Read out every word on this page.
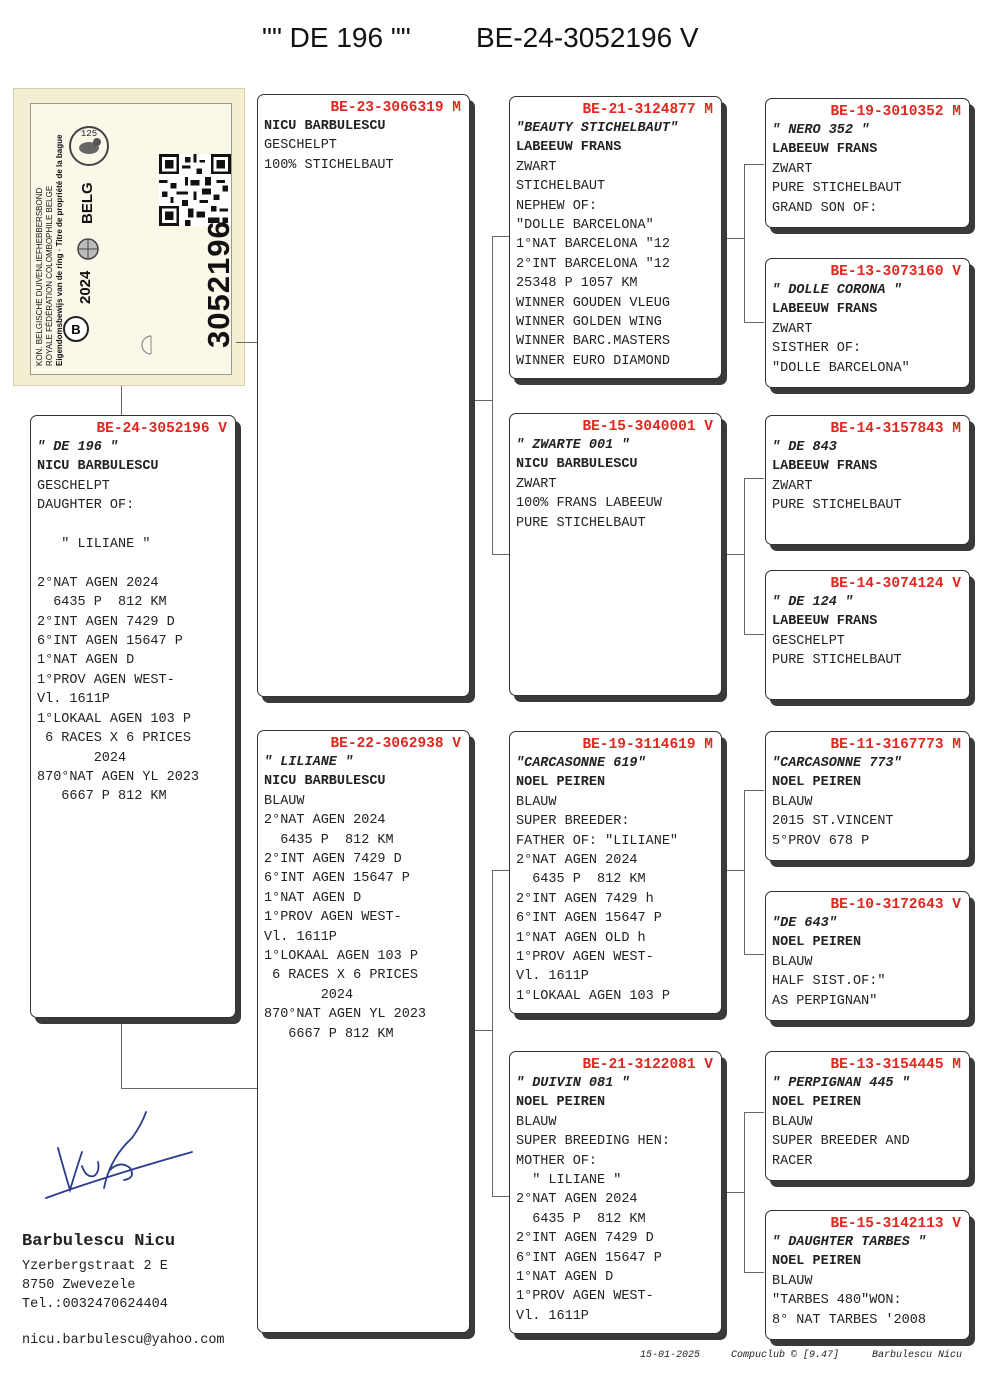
"" DE 196 "" BE-24-3052196 V
KON. BELGISCHE DUIVENLIEFHEBBERSBOND ROYALE FÉDÉRATION COLOMBOPHILE BELGE Eigendomsbewijs van de ring · Titre de propriété de la bague B
125
BELG
2024	3052196
BE-24-3052196 V
" DE 196 "
NICU BARBULESCU
GESCHELPT
DAUGHTER OF:

" LILIANE "

2°NAT AGEN 2024
6435 P  812 KM
2°INT AGEN 7429 D
6°INT AGEN 15647 P
1°NAT AGEN D
1°PROV AGEN WEST-
Vl. 1611P
1°LOKAAL AGEN 103 P
6 RACES X 6 PRICES
2024
870°NAT AGEN YL 2023
6667 P 812 KM
BE-23-3066319 M
NICU BARBULESCU
GESCHELPT
100% STICHELBAUT
BE-22-3062938 V
" LILIANE "
NICU BARBULESCU
BLAUW
2°NAT AGEN 2024
6435 P  812 KM
2°INT AGEN 7429 D
6°INT AGEN 15647 P
1°NAT AGEN D
1°PROV AGEN WEST-
Vl. 1611P
1°LOKAAL AGEN 103 P
6 RACES X 6 PRICES
2024
870°NAT AGEN YL 2023
6667 P 812 KM
BE-21-3124877 M
"BEAUTY STICHELBAUT"
LABEEUW FRANS
ZWART
STICHELBAUT
NEPHEW OF:
"DOLLE BARCELONA"
1°NAT BARCELONA "12
2°INT BARCELONA "12
25348 P 1057 KM
WINNER GOUDEN VLEUG
WINNER GOLDEN WING
WINNER BARC.MASTERS
WINNER EURO DIAMOND
BE-15-3040001 V
" ZWARTE 001 "
NICU BARBULESCU
ZWART
100% FRANS LABEEUW
PURE STICHELBAUT
BE-19-3114619 M
"CARCASONNE 619"
NOEL PEIREN
BLAUW
SUPER BREEDER:
FATHER OF: "LILIANE"
2°NAT AGEN 2024
6435 P  812 KM
2°INT AGEN 7429 h
6°INT AGEN 15647 P
1°NAT AGEN OLD h
1°PROV AGEN WEST-
Vl. 1611P
1°LOKAAL AGEN 103 P
BE-21-3122081 V
" DUIVIN 081 "
NOEL PEIREN
BLAUW
SUPER BREEDING HEN:
MOTHER OF:
" LILIANE "
2°NAT AGEN 2024
6435 P  812 KM
2°INT AGEN 7429 D
6°INT AGEN 15647 P
1°NAT AGEN D
1°PROV AGEN WEST-
Vl. 1611P
BE-19-3010352 M
" NERO 352 "
LABEEUW FRANS
ZWART
PURE STICHELBAUT
GRAND SON OF:
BE-13-3073160 V
" DOLLE CORONA "
LABEEUW FRANS
ZWART
SISTHER OF:
"DOLLE BARCELONA"
BE-14-3157843 M
" DE 843
LABEEUW FRANS
ZWART
PURE STICHELBAUT
BE-14-3074124 V
" DE 124 "
LABEEUW FRANS
GESCHELPT
PURE STICHELBAUT
BE-11-3167773 M
"CARCASONNE 773"
NOEL PEIREN
BLAUW
2015 ST.VINCENT
5°PROV 678 P
BE-10-3172643 V
"DE 643"
NOEL PEIREN
BLAUW
HALF SIST.OF:"
AS PERPIGNAN"
BE-13-3154445 M
" PERPIGNAN 445 "
NOEL PEIREN
BLAUW
SUPER BREEDER AND
RACER
BE-15-3142113 V
" DAUGHTER TARBES "
NOEL PEIREN
BLAUW
"TARBES 480"WON:
8° NAT TARBES '2008
Barbulescu Nicu
Yzerbergstraat 2 E
8750 Zwevezele
Tel.:0032470624404
nicu.barbulescu@yahoo.com
15-01-2025	Compuclub © [9.47]	Barbulescu Nicu
